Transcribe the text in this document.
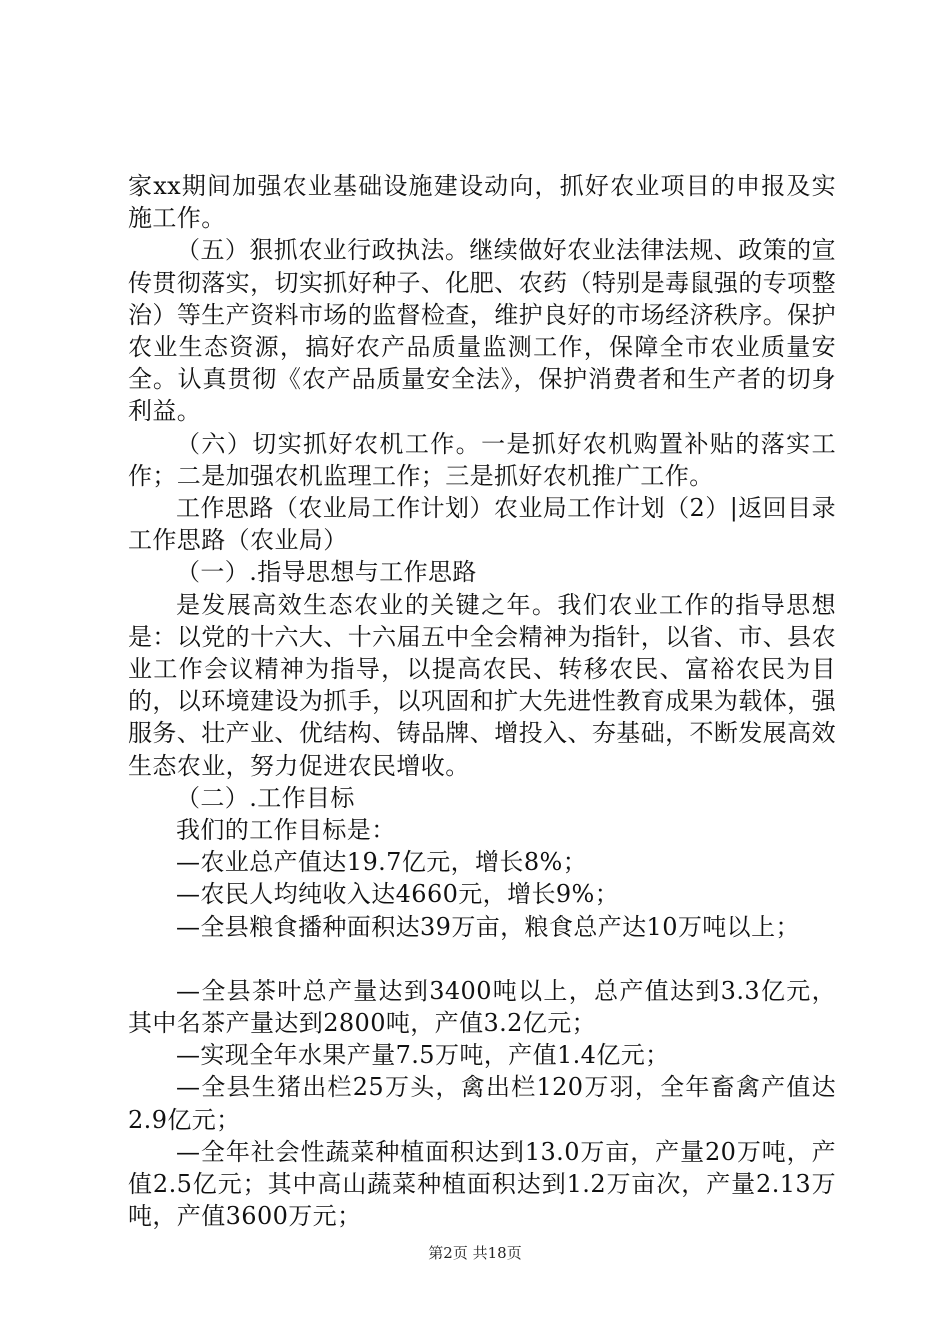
家xx期间加强农业基础设施建设动向，抓好农业项目的申报及实施工作。

（五）狠抓农业行政执法。继续做好农业法律法规、政策的宣传贯彻落实，切实抓好种子、化肥、农药（特别是毒鼠强的专项整治）等生产资料市场的监督检查，维护良好的市场经济秩序。保护农业生态资源，搞好农产品质量监测工作，保障全市农业质量安全。认真贯彻《农产品质量安全法》，保护消费者和生产者的切身利益。

（六）切实抓好农机工作。一是抓好农机购置补贴的落实工作；二是加强农机监理工作；三是抓好农机推广工作。

工作思路（农业局工作计划）农业局工作计划（2）|返回目录工作思路（农业局）

（一）.指导思想与工作思路

是发展高效生态农业的关键之年。我们农业工作的指导思想是：以党的十六大、十六届五中全会精神为指针，以省、市、县农业工作会议精神为指导，以提高农民、转移农民、富裕农民为目的，以环境建设为抓手，以巩固和扩大先进性教育成果为载体，强服务、壮产业、优结构、铸品牌、增投入、夯基础，不断发展高效生态农业，努力促进农民增收。

（二）.工作目标

我们的工作目标是：

—农业总产值达19.7亿元，增长8%；

—农民人均纯收入达4660元，增长9%；

—全县粮食播种面积达39万亩，粮食总产达10万吨以上；

—全县茶叶总产量达到3400吨以上，总产值达到3.3亿元，其中名茶产量达到2800吨，产值3.2亿元；

—实现全年水果产量7.5万吨，产值1.4亿元；

—全县生猪出栏25万头，禽出栏120万羽，全年畜禽产值达2.9亿元；

—全年社会性蔬菜种植面积达到13.0万亩，产量20万吨，产值2.5亿元；其中高山蔬菜种植面积达到1.2万亩次，产量2.13万吨，产值3600万元；

第2页 共18页
